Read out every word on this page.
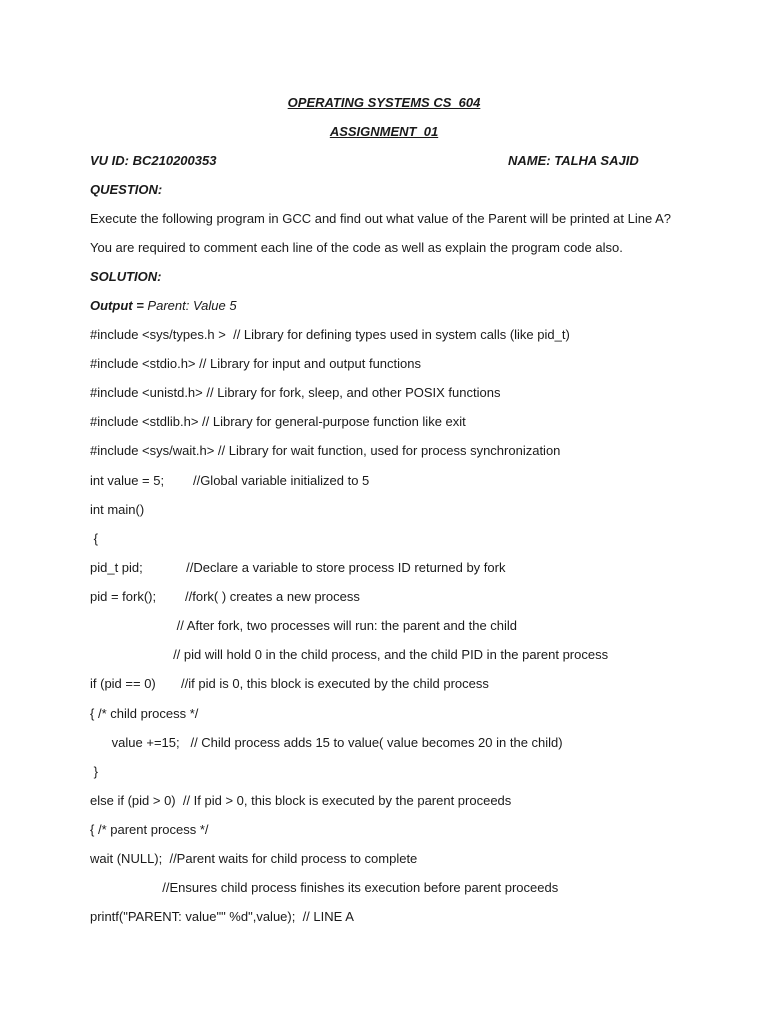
OPERATING SYSTEMS CS_604
ASSIGNMENT_01
VU ID: BC210200353	NAME: TALHA SAJID
QUESTION:
Execute the following program in GCC and find out what value of the Parent will be printed at Line A?
You are required to comment each line of the code as well as explain the program code also.
SOLUTION:
Output = Parent: Value 5
#include <sys/types.h >  // Library for defining types used in system calls (like pid_t)
#include <stdio.h> // Library for input and output functions
#include <unistd.h> // Library for fork, sleep, and other POSIX functions
#include <stdlib.h> // Library for general-purpose function like exit
#include <sys/wait.h> // Library for wait function, used for process synchronization
int value = 5;        //Global variable initialized to 5
int main()
{
pid_t pid;            //Declare a variable to store process ID returned by fork
pid = fork();        //fork( ) creates a new process
// After fork, two processes will run: the parent and the child
// pid will hold 0 in the child process, and the child PID in the parent process
if (pid == 0)       //if pid is 0, this block is executed by the child process
{ /* child process */
value +=15;   // Child process adds 15 to value( value becomes 20 in the child)
}
else if (pid > 0)  // If pid > 0, this block is executed by the parent proceeds
{ /* parent process */
wait (NULL);  //Parent waits for child process to complete
//Ensures child process finishes its execution before parent proceeds
printf("PARENT: value"" %d",value);  // LINE A
